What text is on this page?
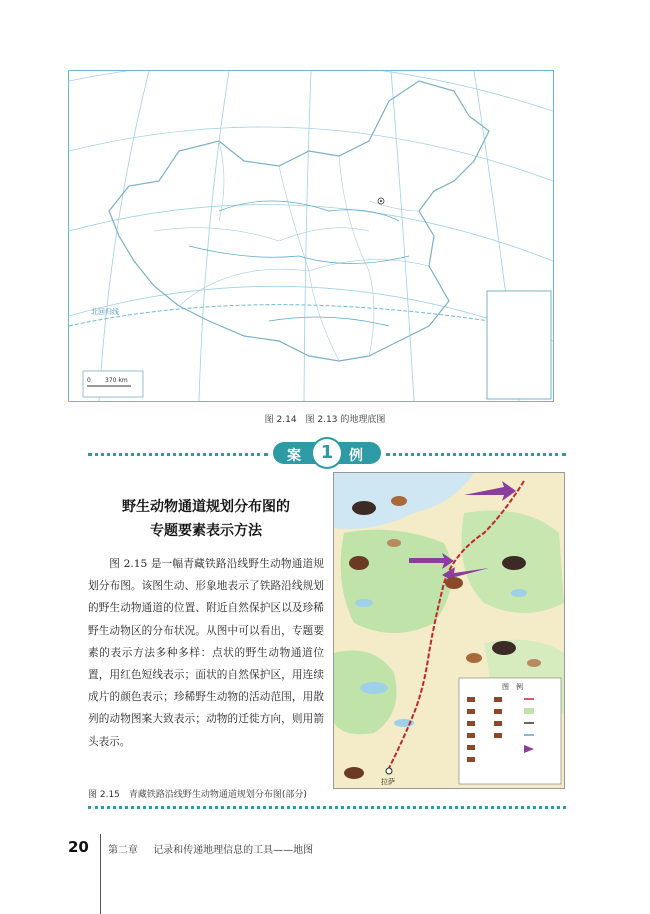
北回归线
0 370 km
图 2.14　图 2.13 的地理底图
案	1	例
野生动物通道规划分布图的
专题要素表示方法

图 2.15 是一幅青藏铁路沿线野生动物通道规划分布图。该图生动、形象地表示了铁路沿线规划的野生动物通道的位置、附近自然保护区以及珍稀野生动物区的分布状况。从图中可以看出，专题要素的表示方法多种多样：点状的野生动物通道位置，用红色短线表示；面状的自然保护区，用连续成片的颜色表示；珍稀野生动物的活动范围，用散列的动物图案大致表示；动物的迁徙方向，则用箭头表示。

图　例
拉萨
图 2.15　青藏铁路沿线野生动物通道规划分布图(部分)
20 第二章 记录和传递地理信息的工具——地图
